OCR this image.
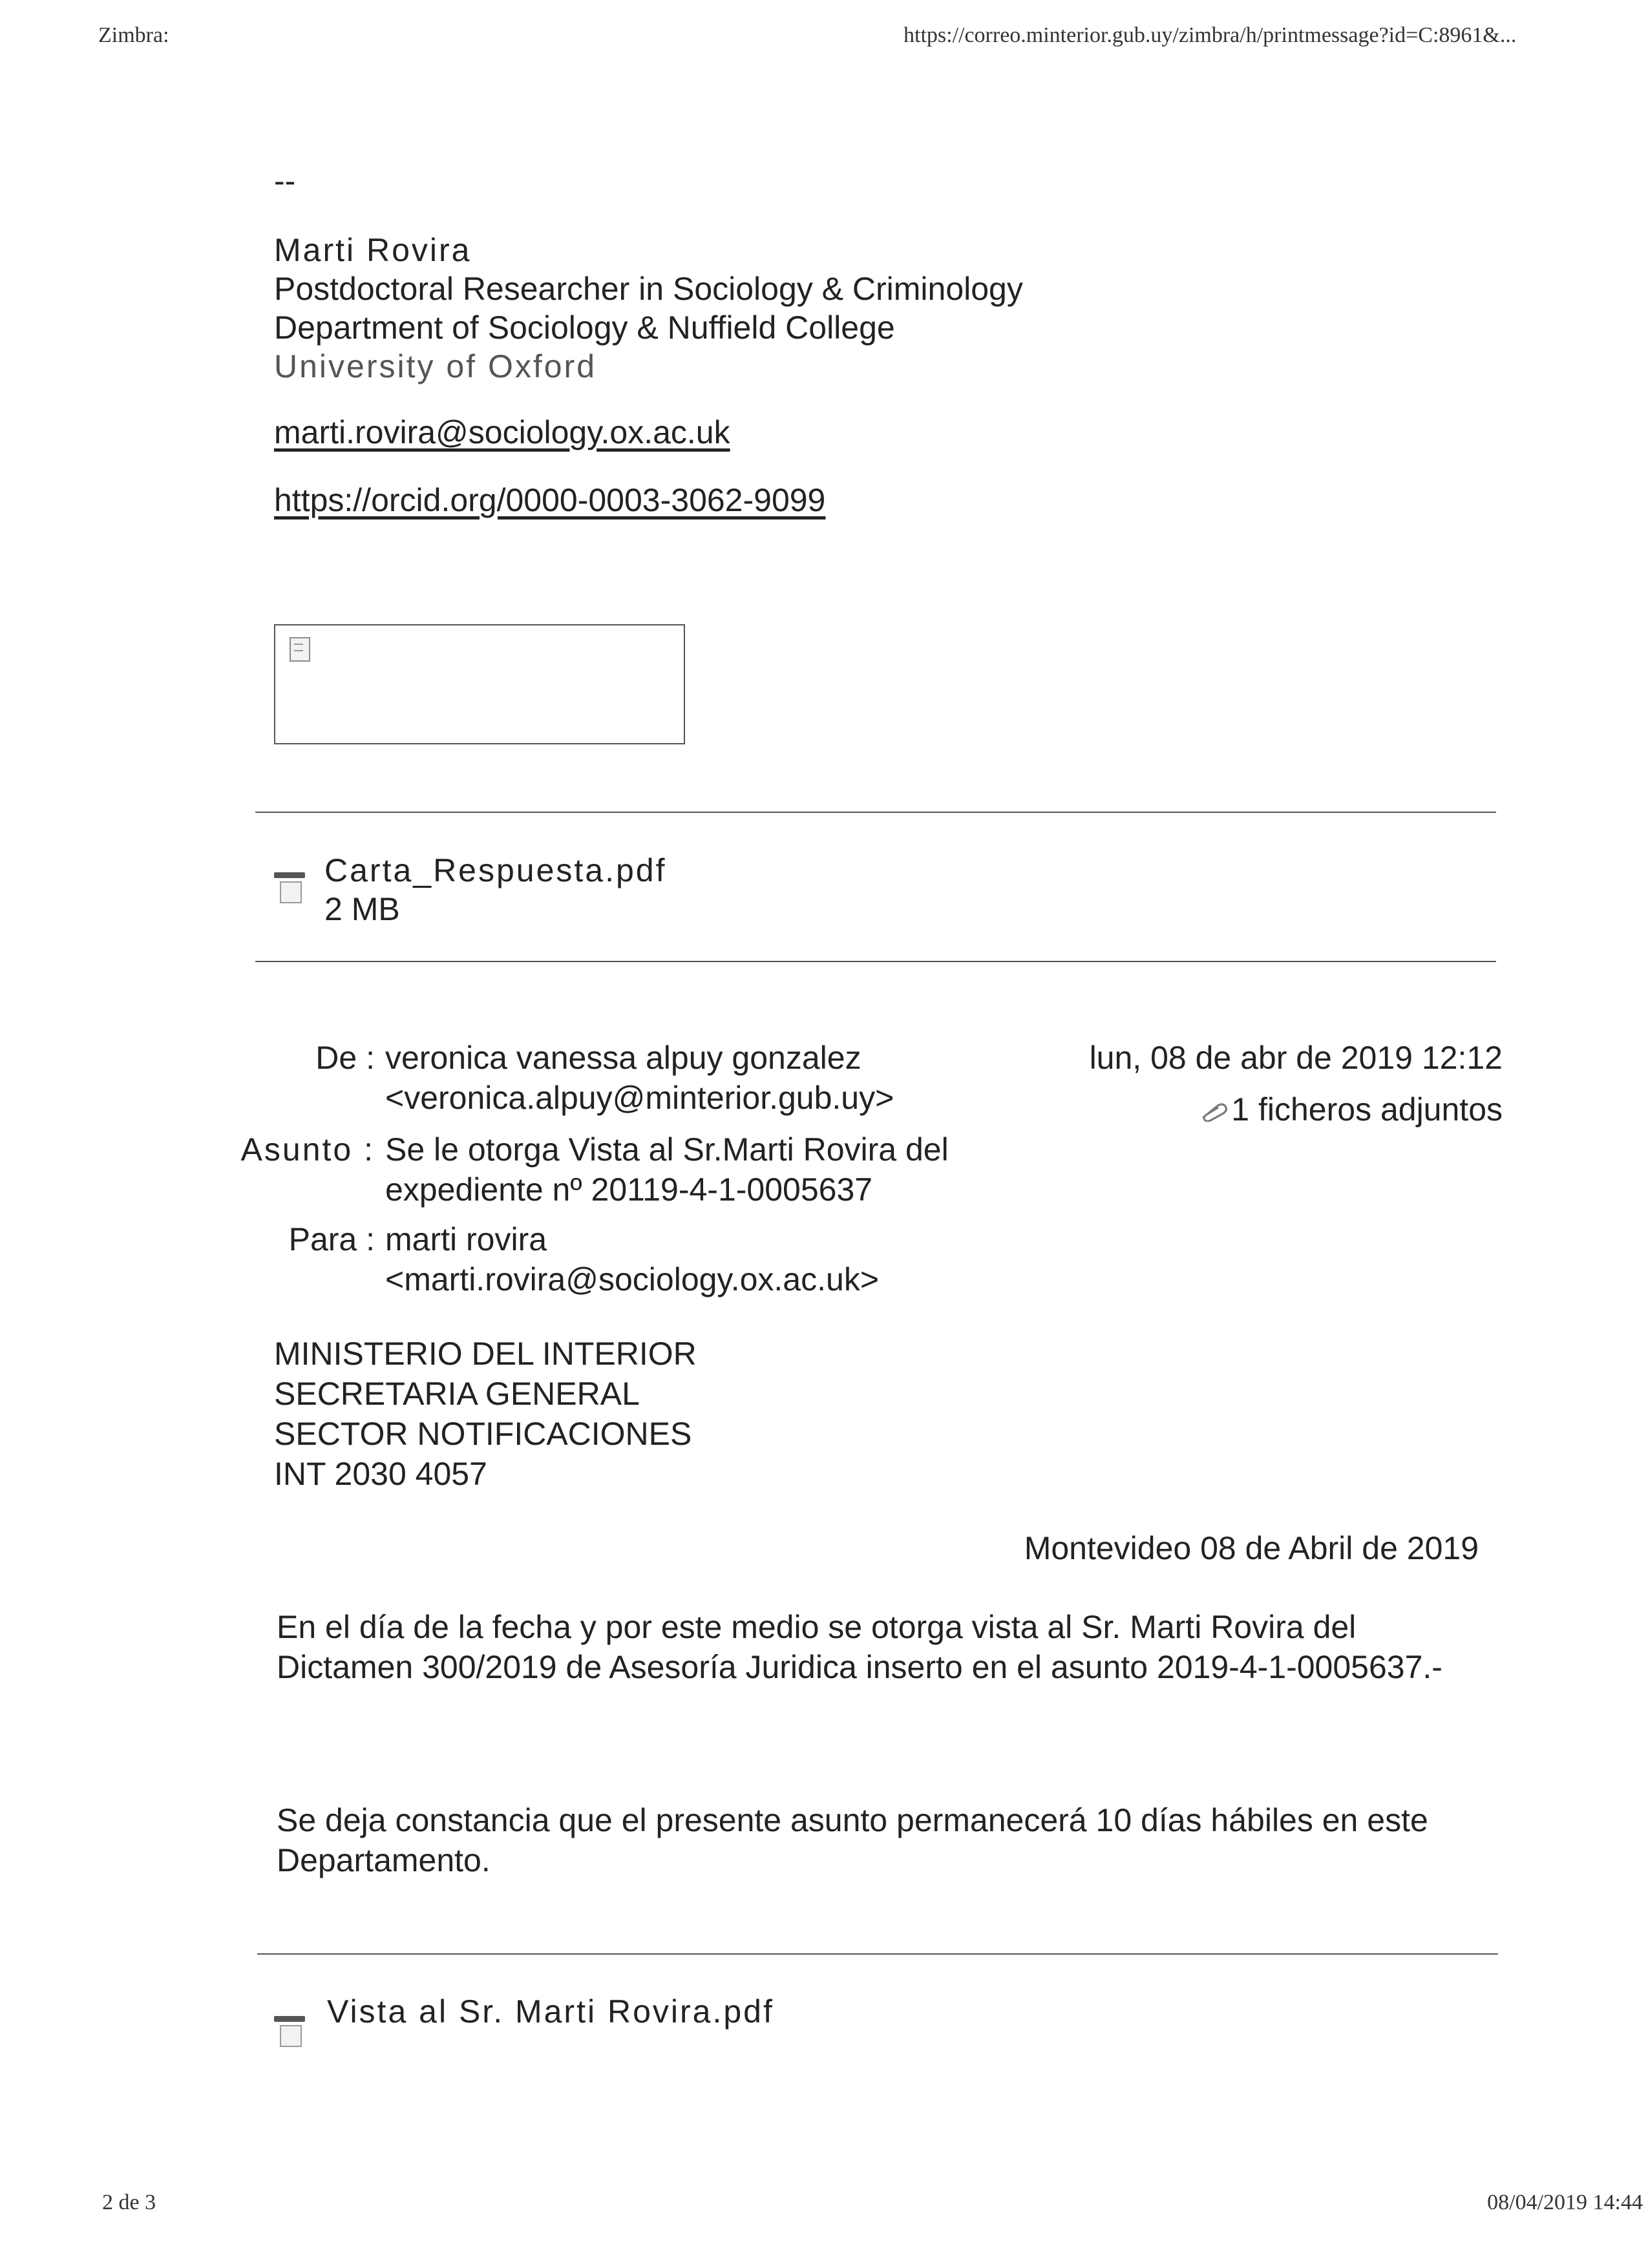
Zimbra:	https://correo.minterior.gub.uy/zimbra/h/printmessage?id=C:8961&...
--
Marti Rovira
Postdoctoral Researcher in Sociology & Criminology
Department of Sociology & Nuffield College
University of Oxford
marti.rovira@sociology.ox.ac.uk
https://orcid.org/0000-0003-3062-9099
Carta_Respuesta.pdf
2 MB
De : veronica vanessa alpuy gonzalez
<veronica.alpuy@minterior.gub.uy>
lun, 08 de abr de 2019 12:12
1 ficheros adjuntos
Asunto : Se le otorga Vista al Sr.Marti Rovira del
expediente nº 20119-4-1-0005637
Para : marti rovira
<marti.rovira@sociology.ox.ac.uk>
MINISTERIO DEL INTERIOR
SECRETARIA GENERAL
SECTOR NOTIFICACIONES
INT 2030 4057
Montevideo 08 de Abril de 2019
En el día de la fecha y por este medio se otorga vista al Sr. Marti Rovira del
Dictamen 300/2019 de Asesoría Juridica inserto en el asunto 2019-4-1-0005637.-
Se deja constancia que el presente asunto permanecerá 10 días hábiles en este
Departamento.
Vista al Sr. Marti Rovira.pdf
2 de 3	08/04/2019 14:44
